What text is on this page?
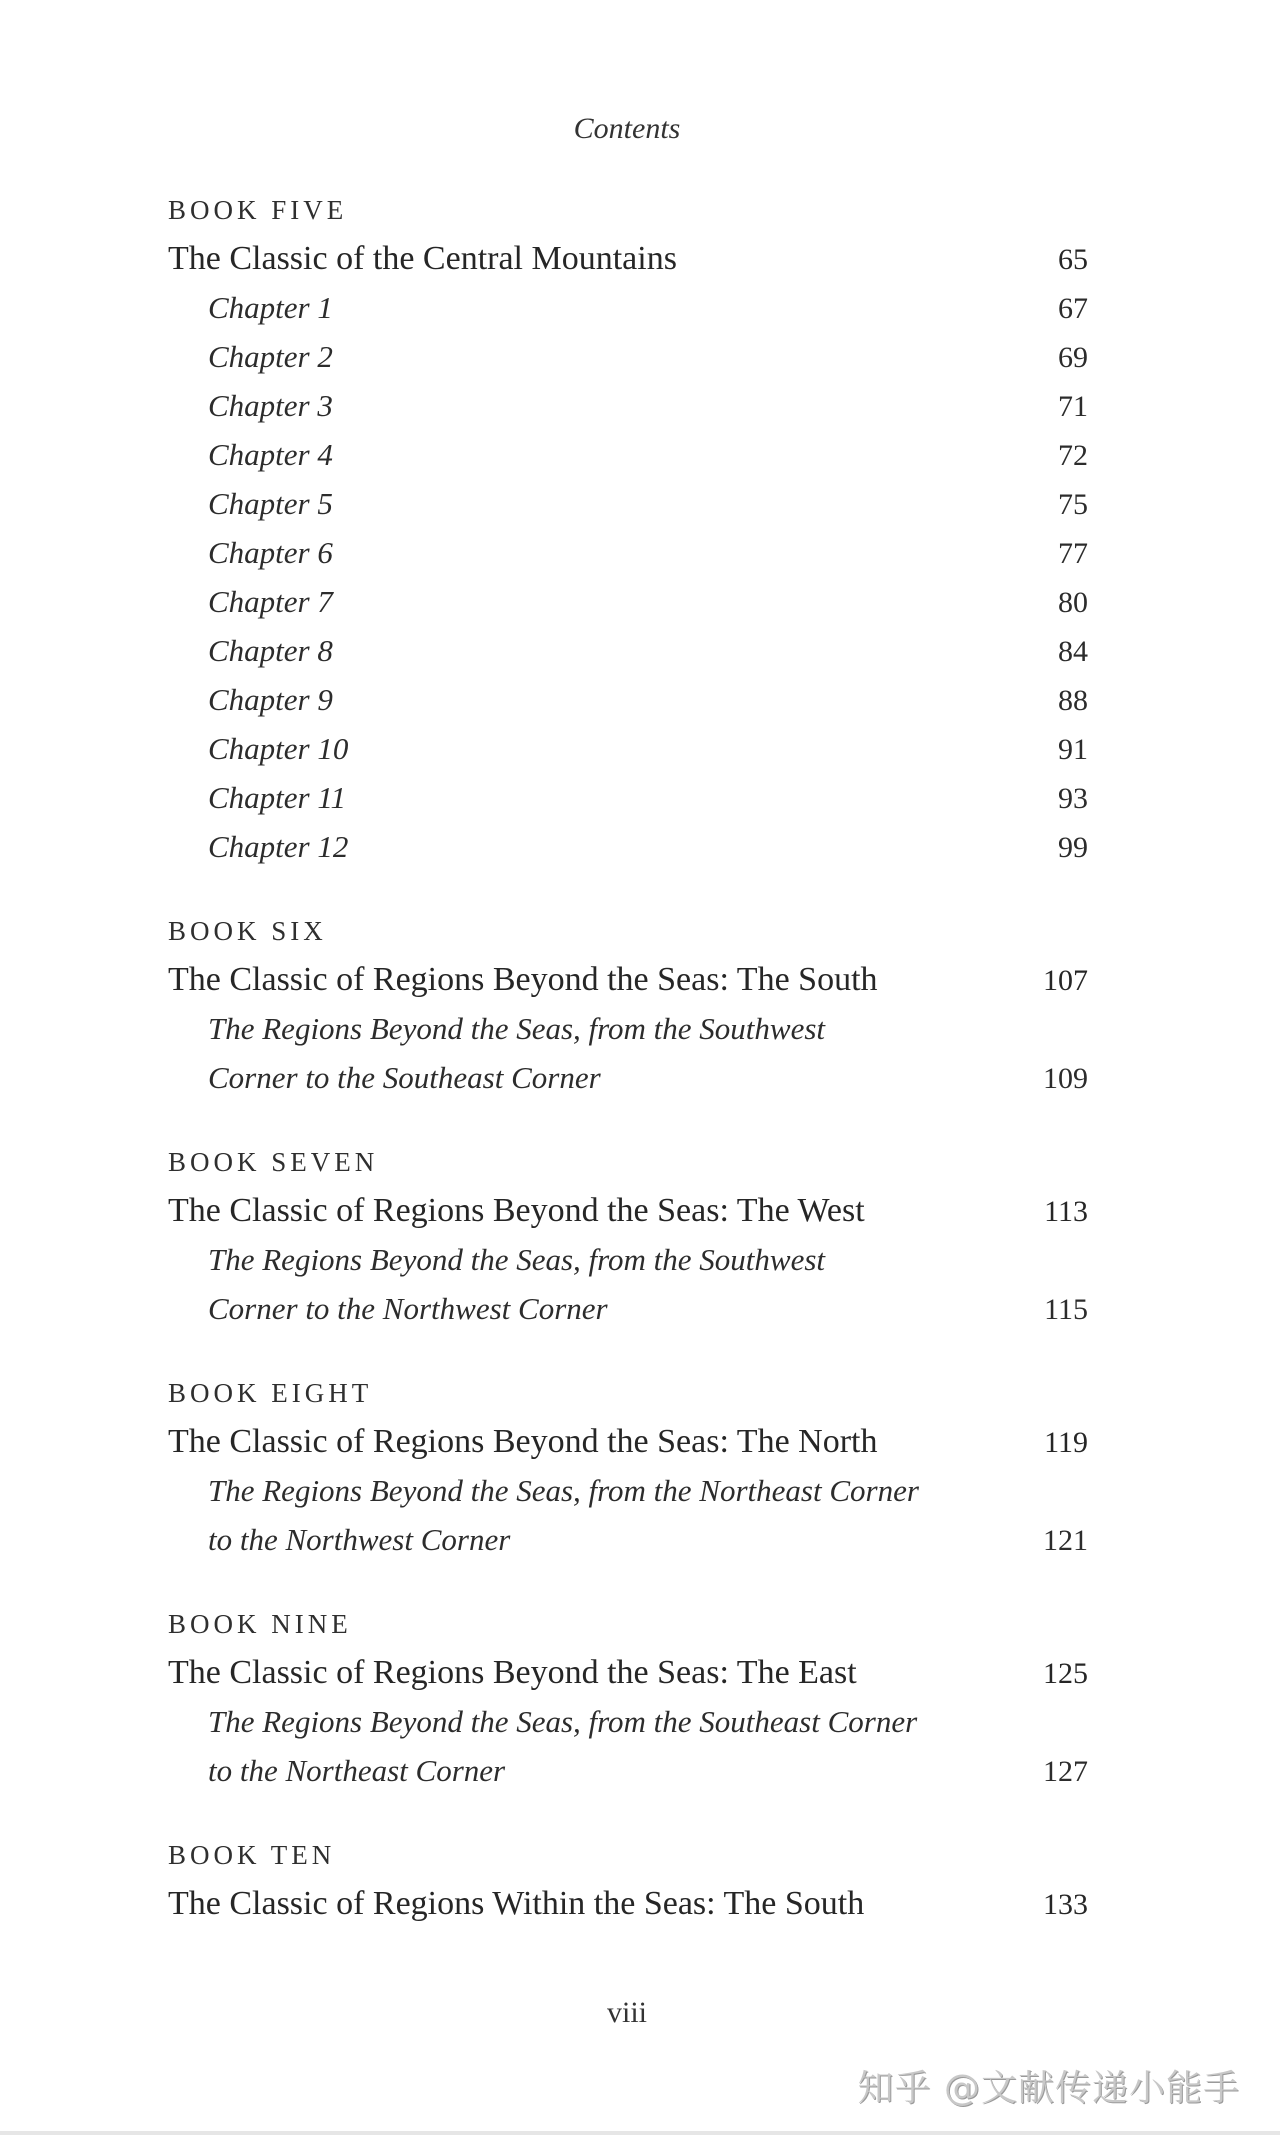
Contents
BOOK FIVE
The Classic of the Central Mountains	65
Chapter 1	67
Chapter 2	69
Chapter 3	71
Chapter 4	72
Chapter 5	75
Chapter 6	77
Chapter 7	80
Chapter 8	84
Chapter 9	88
Chapter 10	91
Chapter 11	93
Chapter 12	99
BOOK SIX
The Classic of Regions Beyond the Seas: The South	107
The Regions Beyond the Seas, from the Southwest
Corner to the Southeast Corner	109
BOOK SEVEN
The Classic of Regions Beyond the Seas: The West	113
The Regions Beyond the Seas, from the Southwest
Corner to the Northwest Corner	115
BOOK EIGHT
The Classic of Regions Beyond the Seas: The North	119
The Regions Beyond the Seas, from the Northeast Corner
to the Northwest Corner	121
BOOK NINE
The Classic of Regions Beyond the Seas: The East	125
The Regions Beyond the Seas, from the Southeast Corner
to the Northeast Corner	127
BOOK TEN
The Classic of Regions Within the Seas: The South	133
viii
知乎 @文献传递小能手
